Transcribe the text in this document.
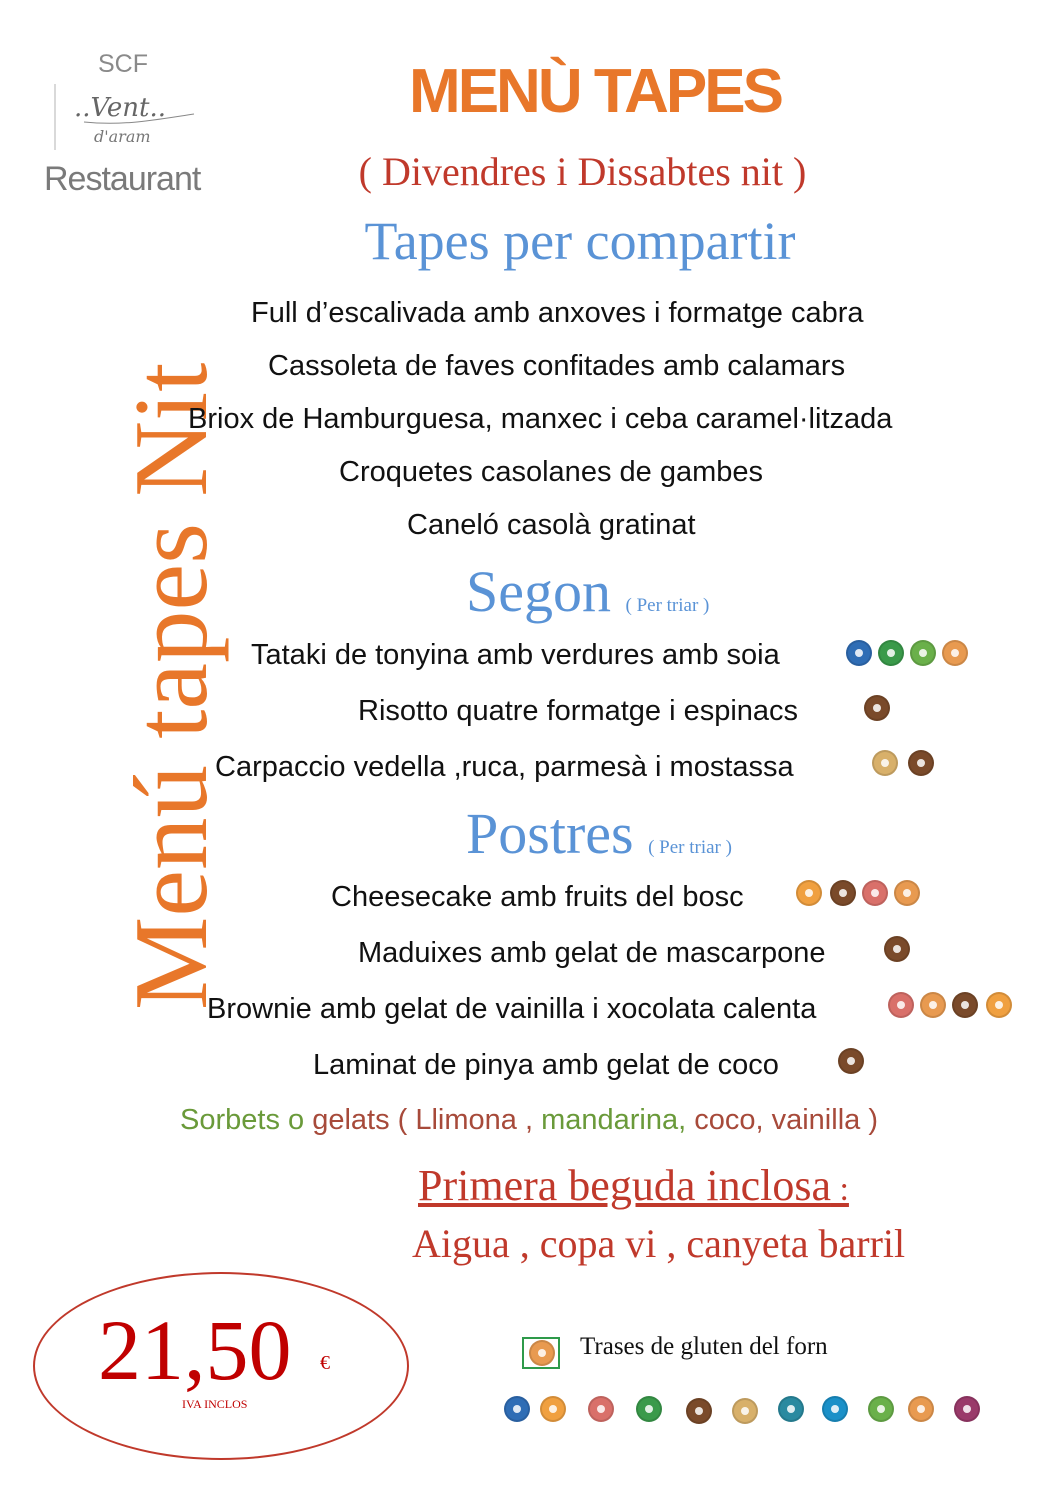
SCF
..Vent..
d'aram
Restaurant
Menú tapes Nit
MENÙ TAPES
( Divendres i Dissabtes nit )
Tapes per compartir
Full d’escalivada amb anxoves i formatge cabra
Cassoleta de faves confitades amb calamars
Briox de Hamburguesa, manxec i ceba caramel·litzada
Croquetes casolanes de gambes
Caneló casolà gratinat
Segon ( Per triar )
Tataki de tonyina amb verdures amb soia
Risotto quatre formatge i espinacs
Carpaccio vedella ,ruca, parmesà i mostassa
Postres ( Per triar )
Cheesecake amb fruits del bosc
Maduixes amb gelat de mascarpone
Brownie amb gelat de vainilla i xocolata calenta
Laminat de pinya amb gelat de coco
Sorbets o gelats ( Llimona , mandarina, coco, vainilla )
Primera beguda inclosa :
Aigua , copa vi , canyeta barril
21,50 €
IVA INCLOS
Trases de gluten del forn
